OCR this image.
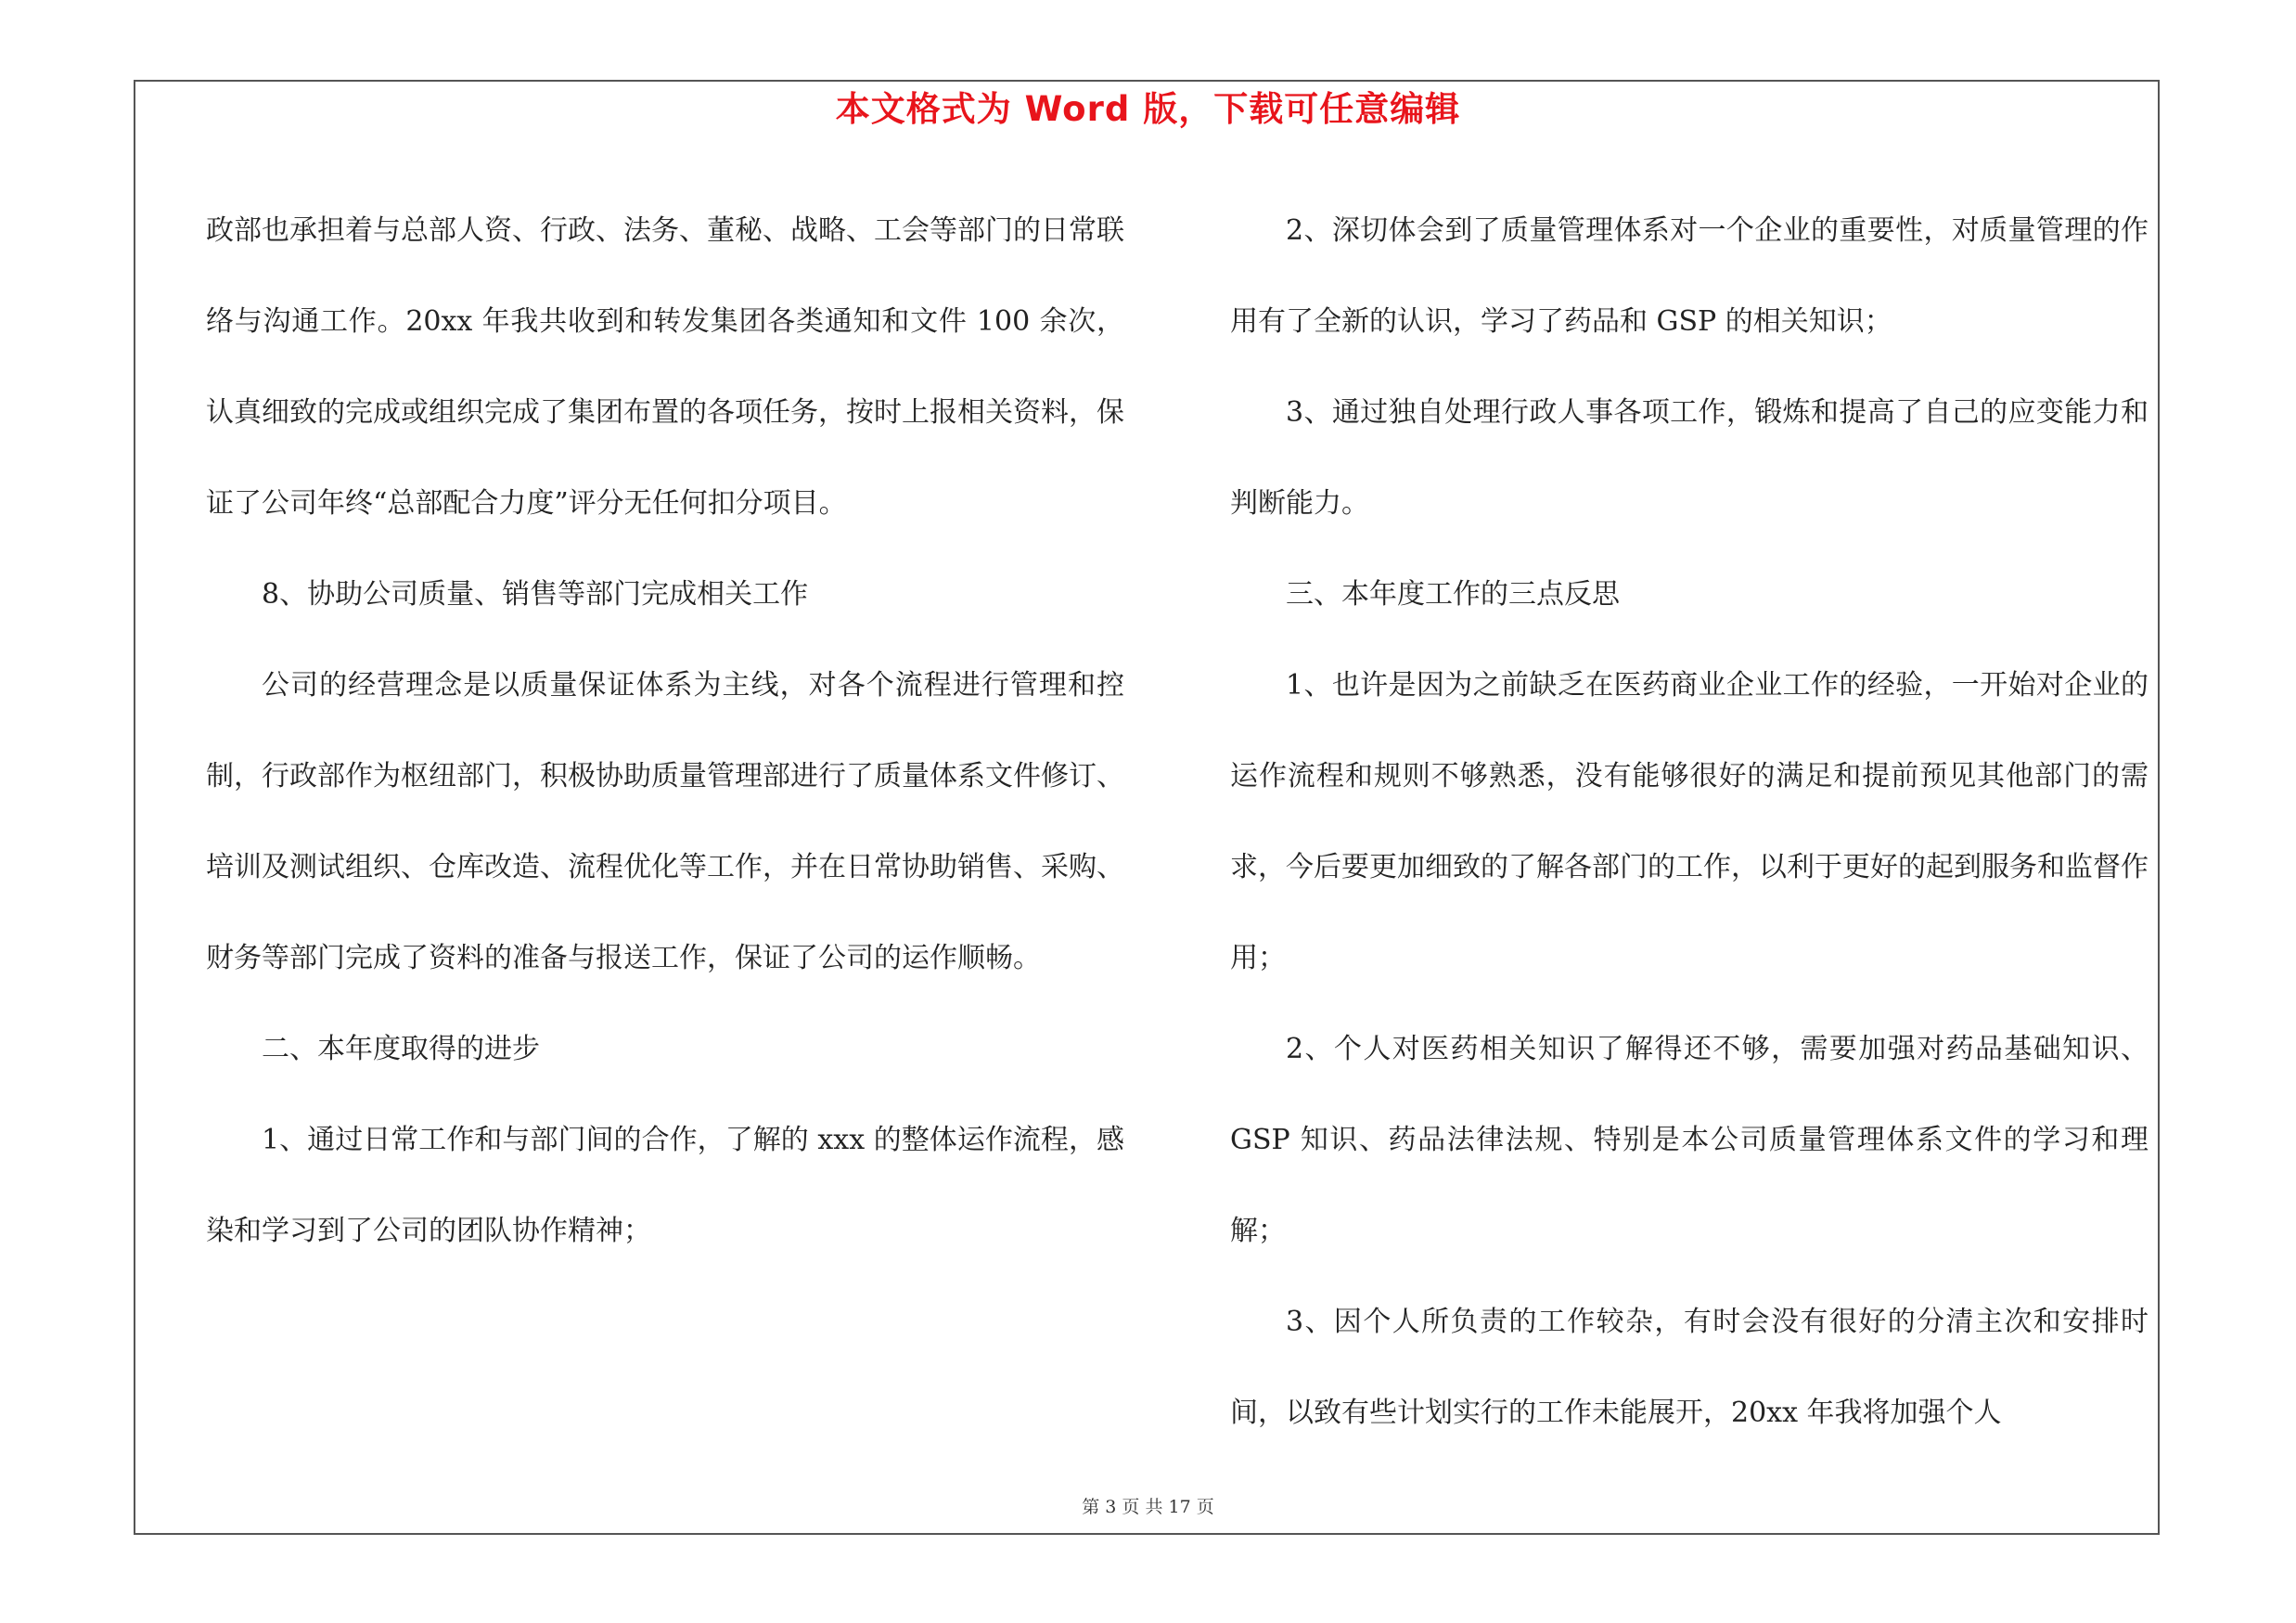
本文格式为 Word 版，下载可任意编辑

政部也承担着与总部人资、行政、法务、董秘、战略、工会等部门的日常联络与沟通工作。20xx 年我共收到和转发集团各类通知和文件 100 余次，认真细致的完成或组织完成了集团布置的各项任务，按时上报相关资料，保证了公司年终“总部配合力度”评分无任何扣分项目。

8、协助公司质量、销售等部门完成相关工作

公司的经营理念是以质量保证体系为主线，对各个流程进行管理和控制，行政部作为枢纽部门，积极协助质量管理部进行了质量体系文件修订、培训及测试组织、仓库改造、流程优化等工作，并在日常协助销售、采购、财务等部门完成了资料的准备与报送工作，保证了公司的运作顺畅。

二、本年度取得的进步

1、通过日常工作和与部门间的合作，了解的 xxx 的整体运作流程，感染和学习到了公司的团队协作精神；

2、深切体会到了质量管理体系对一个企业的重要性，对质量管理的作用有了全新的认识，学习了药品和 GSP 的相关知识；

3、通过独自处理行政人事各项工作，锻炼和提高了自己的应变能力和判断能力。

三、本年度工作的三点反思

1、也许是因为之前缺乏在医药商业企业工作的经验，一开始对企业的运作流程和规则不够熟悉，没有能够很好的满足和提前预见其他部门的需求，今后要更加细致的了解各部门的工作，以利于更好的起到服务和监督作用；

2、个人对医药相关知识了解得还不够，需要加强对药品基础知识、GSP 知识、药品法律法规、特别是本公司质量管理体系文件的学习和理解；

3、因个人所负责的工作较杂，有时会没有很好的分清主次和安排时间，以致有些计划实行的工作未能展开，20xx 年我将加强个人

第 3 页 共 17 页
